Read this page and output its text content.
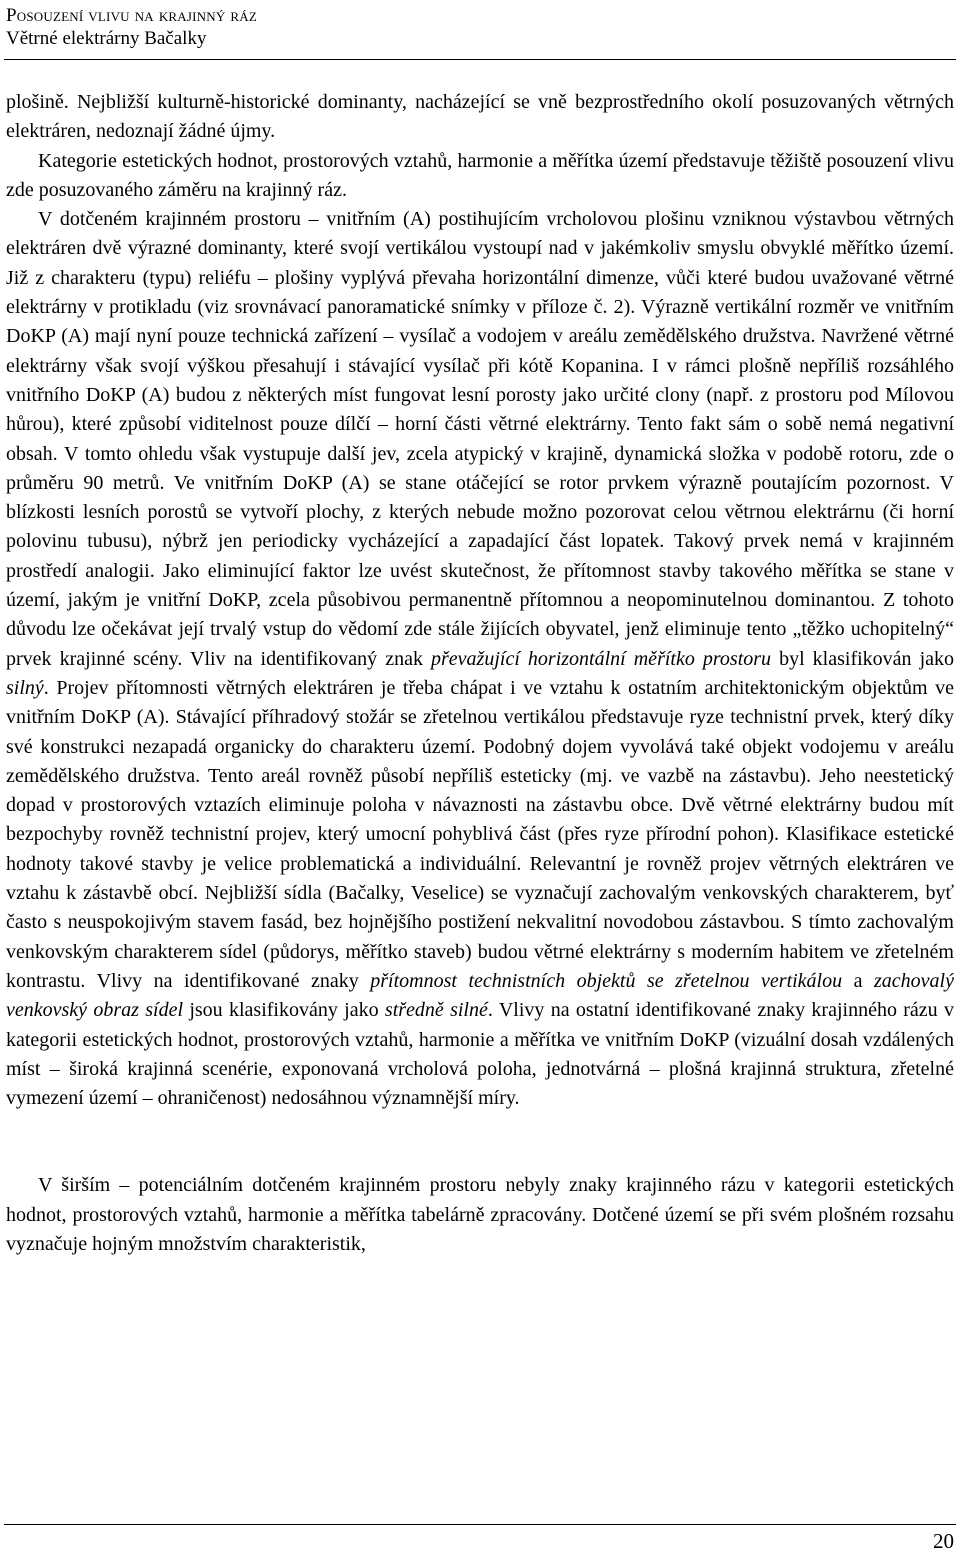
Posouzení vlivu na krajinný ráz
Větrné elektrárny Bačalky

plošině. Nejbližší kulturně-historické dominanty, nacházející se vně bezprostředního okolí posuzovaných větrných elektráren, nedoznají žádné újmy.

Kategorie estetických hodnot, prostorových vztahů, harmonie a měřítka území představuje těžiště posouzení vlivu zde posuzovaného záměru na krajinný ráz.

V dotčeném krajinném prostoru – vnitřním (A) postihujícím vrcholovou plošinu vzniknou výstavbou větrných elektráren dvě výrazné dominanty, které svojí vertikálou vystoupí nad v jakémkoliv smyslu obvyklé měřítko území. Již z charakteru (typu) reliéfu – plošiny vyplývá převaha horizontální dimenze, vůči které budou uvažované větrné elektrárny v protikladu (viz srovnávací panoramatické snímky v příloze č. 2). Výrazně vertikální rozměr ve vnitřním DoKP (A) mají nyní pouze technická zařízení – vysílač a vodojem v areálu zemědělského družstva. Navržené větrné elektrárny však svojí výškou přesahují i stávající vysílač při kótě Kopanina. I v rámci plošně nepříliš rozsáhlého vnitřního DoKP (A) budou z některých míst fungovat lesní porosty jako určité clony (např. z prostoru pod Mílovou hůrou), které způsobí viditelnost pouze dílčí – horní části větrné elektrárny. Tento fakt sám o sobě nemá negativní obsah. V tomto ohledu však vystupuje další jev, zcela atypický v krajině, dynamická složka v podobě rotoru, zde o průměru 90 metrů. Ve vnitřním DoKP (A) se stane otáčející se rotor prvkem výrazně poutajícím pozornost. V blízkosti lesních porostů se vytvoří plochy, z kterých nebude možno pozorovat celou větrnou elektrárnu (či horní polovinu tubusu), nýbrž jen periodicky vycházející a zapadající část lopatek. Takový prvek nemá v krajinném prostředí analogii. Jako eliminující faktor lze uvést skutečnost, že přítomnost stavby takového měřítka se stane v území, jakým je vnitřní DoKP, zcela působivou permanentně přítomnou a neopominutelnou dominantou. Z tohoto důvodu lze očekávat její trvalý vstup do vědomí zde stále žijících obyvatel, jenž eliminuje tento „těžko uchopitelný“ prvek krajinné scény. Vliv na identifikovaný znak převažující horizontální měřítko prostoru byl klasifikován jako silný. Projev přítomnosti větrných elektráren je třeba chápat i ve vztahu k ostatním architektonickým objektům ve vnitřním DoKP (A). Stávající příhradový stožár se zřetelnou vertikálou představuje ryze technistní prvek, který díky své konstrukci nezapadá organicky do charakteru území. Podobný dojem vyvolává také objekt vodojemu v areálu zemědělského družstva. Tento areál rovněž působí nepříliš esteticky (mj. ve vazbě na zástavbu). Jeho neestetický dopad v prostorových vztazích eliminuje poloha v návaznosti na zástavbu obce. Dvě větrné elektrárny budou mít bezpochyby rovněž technistní projev, který umocní pohyblivá část (přes ryze přírodní pohon). Klasifikace estetické hodnoty takové stavby je velice problematická a individuální. Relevantní je rovněž projev větrných elektráren ve vztahu k zástavbě obcí. Nejbližší sídla (Bačalky, Veselice) se vyznačují zachovalým venkovských charakterem, byť často s neuspokojivým stavem fasád, bez hojnějšího postižení nekvalitní novodobou zástavbou. S tímto zachovalým venkovským charakterem sídel (půdorys, měřítko staveb) budou větrné elektrárny s moderním habitem ve zřetelném kontrastu. Vlivy na identifikované znaky přítomnost technistních objektů se zřetelnou vertikálou a zachovalý venkovský obraz sídel jsou klasifikovány jako středně silné. Vlivy na ostatní identifikované znaky krajinného rázu v kategorii estetických hodnot, prostorových vztahů, harmonie a měřítka ve vnitřním DoKP (vizuální dosah vzdálených míst – široká krajinná scenérie, exponovaná vrcholová poloha, jednotvárná – plošná krajinná struktura, zřetelné vymezení území – ohraničenost) nedosáhnou významnější míry.

V širším – potenciálním dotčeném krajinném prostoru nebyly znaky krajinného rázu v kategorii estetických hodnot, prostorových vztahů, harmonie a měřítka tabelárně zpracovány. Dotčené území se při svém plošném rozsahu vyznačuje hojným množstvím charakteristik,

20
